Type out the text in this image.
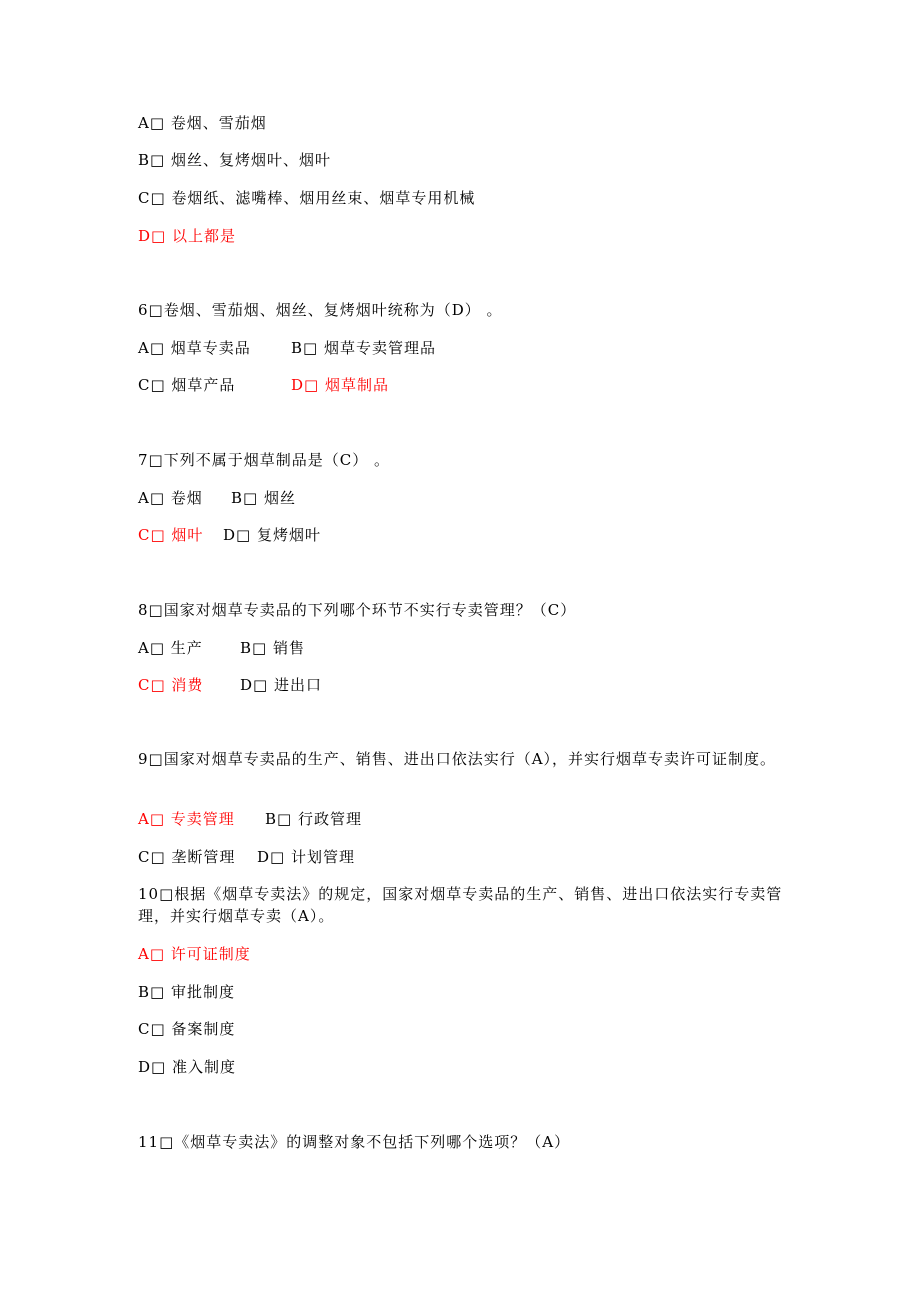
A□ 卷烟、雪茄烟
B□ 烟丝、复烤烟叶、烟叶
C□ 卷烟纸、滤嘴棒、烟用丝束、烟草专用机械
D□ 以上都是
6□卷烟、雪茄烟、烟丝、复烤烟叶统称为（D） 。
A□ 烟草专卖品	B□ 烟草专卖管理品
C□ 烟草产品	D□ 烟草制品
7□下列不属于烟草制品是（C） 。
A□ 卷烟 B□ 烟丝
C□ 烟叶 D□ 复烤烟叶
8□国家对烟草专卖品的下列哪个环节不实行专卖管理？（C）
A□ 生产 B□ 销售
C□ 消费 D□ 进出口
9□国家对烟草专卖品的生产、销售、进出口依法实行（A），并实行烟草专卖许可证制度。
A□ 专卖管理 B□ 行政管理
C□ 垄断管理 D□ 计划管理
10□根据《烟草专卖法》的规定，国家对烟草专卖品的生产、销售、进出口依法实行专卖管理，并实行烟草专卖（A）。
A□ 许可证制度
B□ 审批制度
C□ 备案制度
D□ 准入制度
11□《烟草专卖法》的调整对象不包括下列哪个选项？（A）
